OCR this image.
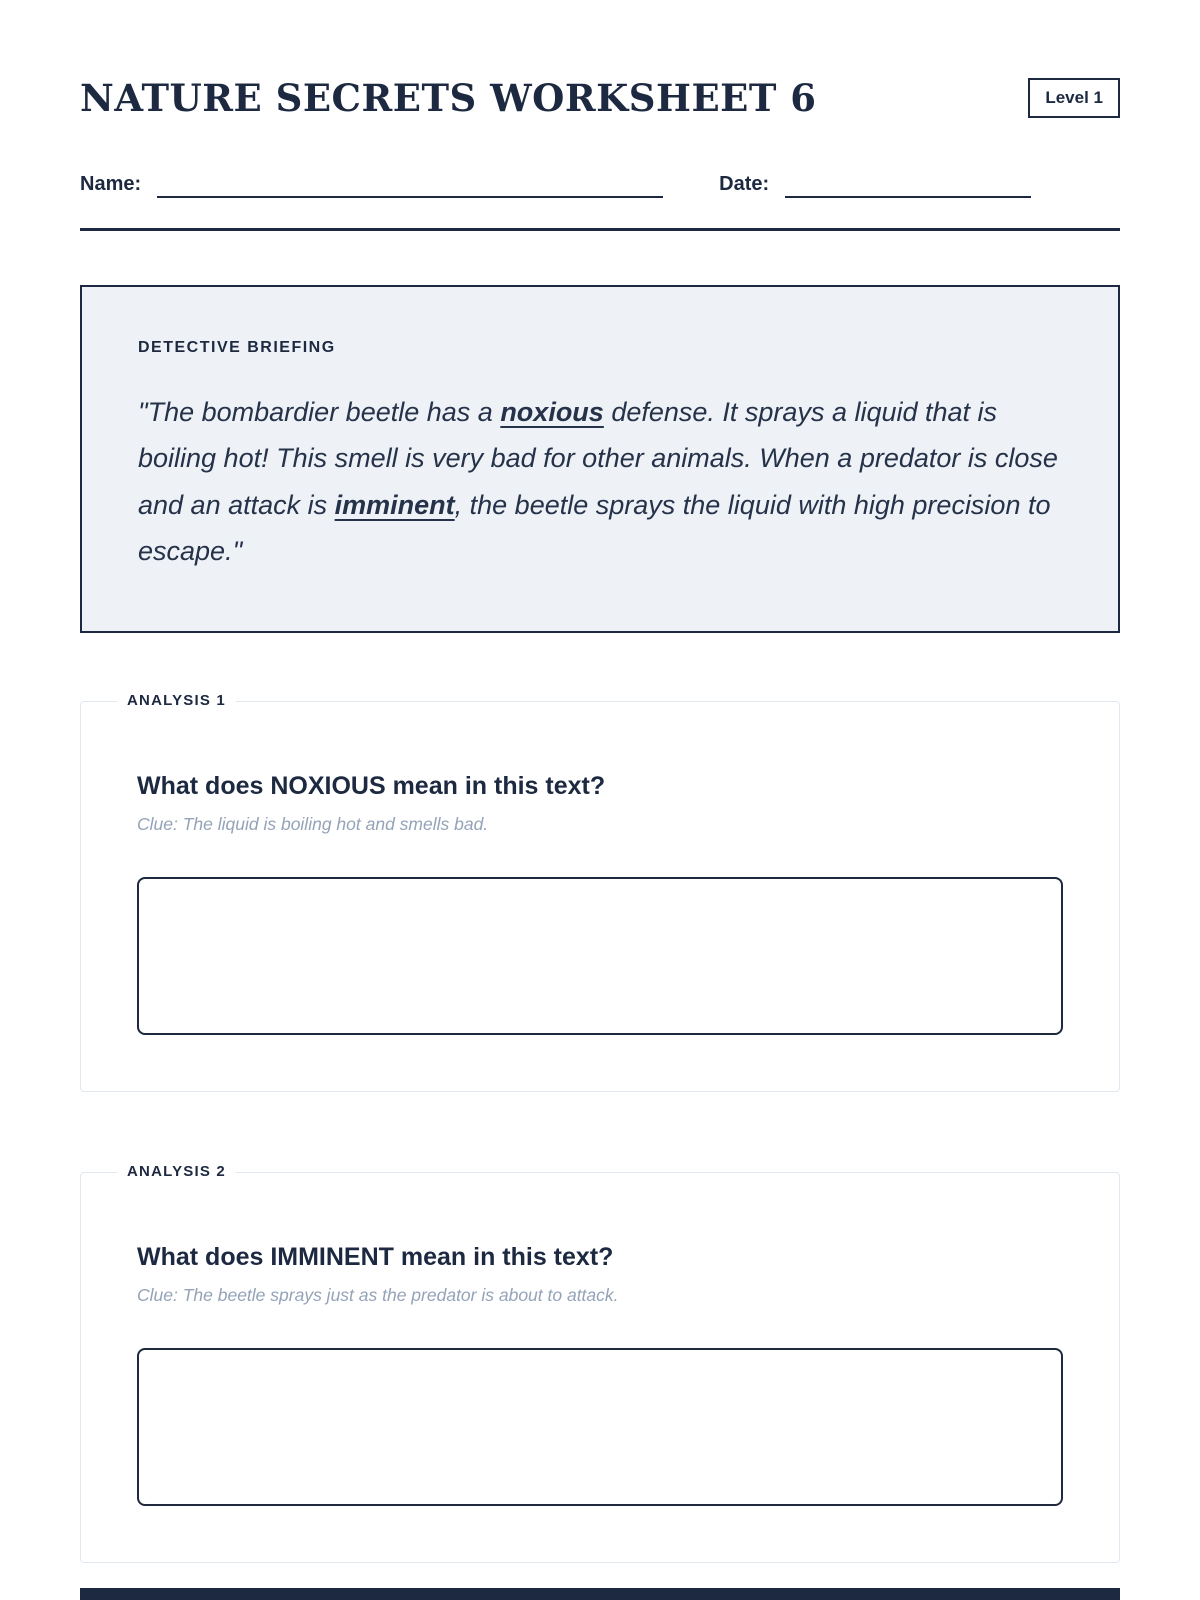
NATURE SECRETS WORKSHEET 6	Level 1
Name:	Date:
DETECTIVE BRIEFING

"The bombardier beetle has a noxious defense. It sprays a liquid that is boiling hot! This smell is very bad for other animals. When a predator is close and an attack is imminent, the beetle sprays the liquid with high precision to escape."

ANALYSIS 1
What does NOXIOUS mean in this text?
Clue: The liquid is boiling hot and smells bad.
ANALYSIS 2
What does IMMINENT mean in this text?
Clue: The beetle sprays just as the predator is about to attack.
